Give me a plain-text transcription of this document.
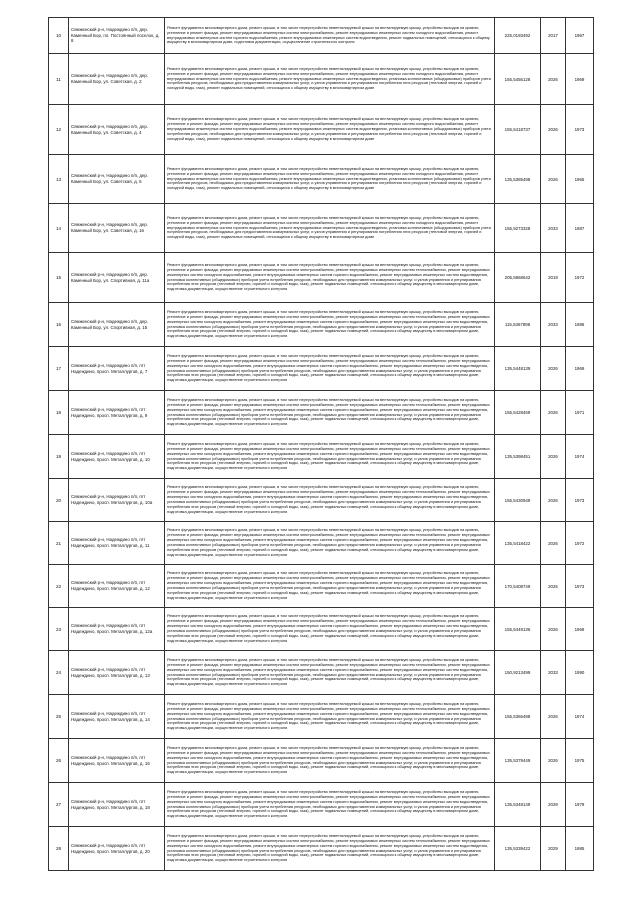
10	Сямженский р-н, Надеждино п/п, дер. Каменный Бор, пл. Постоянный поселок, д. 8	Ремонт фундамента многоквартирного дома, ремонт крыши, в том числе переустройство невентилируемой крыши на вентилируемую крышу, устройство выходов на кровлю, утепление и ремонт фасада, ремонт внутридомовых инженерных систем электроснабжения, ремонт внутридомовых инженерных систем холодного водоснабжения, ремонт внутридомовых инженерных систем горячего водоснабжения, ремонт внутридомовых инженерных систем водоотведения, ремонт подвальных помещений, относящихся к общему имуществу в многоквартирном доме, подготовка документации, осуществление строительного контроля	225,0193492	2017	1967
11	Сямженский р-н, Надеждино п/п, дер. Каменный Бор, ул. Советская, д. 2	Ремонт фундамента многоквартирного дома, ремонт крыши, в том числе переустройство невентилируемой крыши на вентилируемую крышу, устройство выходов на кровлю, утепление и ремонт фасада, ремонт внутридомовых инженерных систем электроснабжения, ремонт внутридомовых инженерных систем холодного водоснабжения, ремонт внутридомовых инженерных систем горячего водоснабжения, ремонт внутридомовых инженерных систем водоотведения, установка коллективных (общедомовых) приборов учета потребления ресурсов, необходимых для предоставления коммунальных услуг, и узлов управления и регулирования потребления этих ресурсов (тепловой энергии, горячей и холодной воды, газа), ремонт подвальных помещений, относящихся к общему имуществу в многоквартирном доме	155,5456128	2026	1969
12	Сямженский р-н, Надеждино п/п, дер. Каменный Бор, ул. Советская, д. 4	Ремонт фундамента многоквартирного дома, ремонт крыши, в том числе переустройство невентилируемой крыши на вентилируемую крышу, устройство выходов на кровлю, утепление и ремонт фасада, ремонт внутридомовых инженерных систем электроснабжения, ремонт внутридомовых инженерных систем холодного водоснабжения, ремонт внутридомовых инженерных систем горячего водоснабжения, ремонт внутридомовых инженерных систем водоотведения, установка коллективных (общедомовых) приборов учета потребления ресурсов, необходимых для предоставления коммунальных услуг, и узлов управления и регулирования потребления этих ресурсов (тепловой энергии, горячей и холодной воды, газа), ремонт подвальных помещений, относящихся к общему имуществу в многоквартирном доме	155,5418737	2026	1973
13	Сямженский р-н, Надеждино п/п, дер. Каменный Бор, ул. Советская, д. 6	Ремонт фундамента многоквартирного дома, ремонт крыши, в том числе переустройство невентилируемой крыши на вентилируемую крышу, устройство выходов на кровлю, утепление и ремонт фасада, ремонт внутридомовых инженерных систем электроснабжения, ремонт внутридомовых инженерных систем холодного водоснабжения, ремонт внутридомовых инженерных систем горячего водоснабжения, ремонт внутридомовых инженерных систем водоотведения, установка коллективных (общедомовых) приборов учета потребления ресурсов, необходимых для предоставления коммунальных услуг, и узлов управления и регулирования потребления этих ресурсов (тепловой энергии, горячей и холодной воды, газа), ремонт подвальных помещений, относящихся к общему имуществу в многоквартирном доме	135,5385498	2026	1965
14	Сямженский р-н, Надеждино п/п, дер. Каменный Бор, ул. Советская, д. 16	Ремонт фундамента многоквартирного дома, ремонт крыши, в том числе переустройство невентилируемой крыши на вентилируемую крышу, устройство выходов на кровлю, утепление и ремонт фасада, ремонт внутридомовых инженерных систем электроснабжения, ремонт внутридомовых инженерных систем холодного водоснабжения, ремонт внутридомовых инженерных систем горячего водоснабжения, ремонт внутридомовых инженерных систем водоотведения, установка коллективных (общедомовых) приборов учета потребления ресурсов, необходимых для предоставления коммунальных услуг, и узлов управления и регулирования потребления этих ресурсов (тепловой энергии, горячей и холодной воды, газа), ремонт подвальных помещений, относящихся к общему имуществу в многоквартирном доме	155,9273328	2033	1987
15	Сямженский р-н, Надеждино п/п, дер. Каменный Бор, ул. Спортивная, д. 11а	Ремонт фундамента многоквартирного дома, ремонт крыши, в том числе переустройство невентилируемой крыши на вентилируемую крышу, устройство выходов на кровлю, утепление и ремонт фасада, ремонт внутридомовых инженерных систем электроснабжения, ремонт внутридомовых инженерных систем теплоснабжения, ремонт внутридомовых инженерных систем холодного водоснабжения, ремонт внутридомовых инженерных систем горячего водоснабжения, ремонт внутридомовых инженерных систем водоотведения, установка коллективных (общедомовых) приборов учета потребления ресурсов, необходимых для предоставления коммунальных услуг, и узлов управления и регулирования потребления этих ресурсов (тепловой энергии, горячей и холодной воды, газа), ремонт подвальных помещений, относящихся к общему имуществу в многоквартирном доме, подготовка документации, осуществление строительного контроля	205,5868642	2019	1972
16	Сямженский р-н, Надеждино п/п, дер. Каменный Бор, ул. Спортивная, д. 15	Ремонт фундамента многоквартирного дома, ремонт крыши, в том числе переустройство невентилируемой крыши на вентилируемую крышу, устройство выходов на кровлю, утепление и ремонт фасада, ремонт внутридомовых инженерных систем электроснабжения, ремонт внутридомовых инженерных систем теплоснабжения, ремонт внутридомовых инженерных систем холодного водоснабжения, ремонт внутридомовых инженерных систем горячего водоснабжения, ремонт внутридомовых инженерных систем водоотведения, установка коллективных (общедомовых) приборов учета потребления ресурсов, необходимых для предоставления коммунальных услуг, и узлов управления и регулирования потребления этих ресурсов (тепловой энергии, горячей и холодной воды, газа), ремонт подвальных помещений, относящихся к общему имуществу в многоквартирном доме, подготовка документации, осуществление строительного контроля	115,5367896	2033	1986
17	Сямженский р-н, Надеждино п/п, пгт Надеждино, просп. Металлургов, д. 7	Ремонт фундамента многоквартирного дома, ремонт крыши, в том числе переустройство невентилируемой крыши на вентилируемую крышу, устройство выходов на кровлю, утепление и ремонт фасада, ремонт внутридомовых инженерных систем электроснабжения, ремонт внутридомовых инженерных систем теплоснабжения, ремонт внутридомовых инженерных систем холодного водоснабжения, ремонт внутридомовых инженерных систем горячего водоснабжения, ремонт внутридомовых инженерных систем водоотведения, установка коллективных (общедомовых) приборов учета потребления ресурсов, необходимых для предоставления коммунальных услуг, и узлов управления и регулирования потребления этих ресурсов (тепловой энергии, горячей и холодной воды, газа), ремонт подвальных помещений, относящихся к общему имуществу в многоквартирном доме, подготовка документации, осуществление строительного контроля	135,5448139	2026	1969
18	Сямженский р-н, Надеждино п/п, пгт Надеждино, просп. Металлургов, д. 9	Ремонт фундамента многоквартирного дома, ремонт крыши, в том числе переустройство невентилируемой крыши на вентилируемую крышу, устройство выходов на кровлю, утепление и ремонт фасада, ремонт внутридомовых инженерных систем электроснабжения, ремонт внутридомовых инженерных систем теплоснабжения, ремонт внутридомовых инженерных систем холодного водоснабжения, ремонт внутридомовых инженерных систем горячего водоснабжения, ремонт внутридомовых инженерных систем водоотведения, установка коллективных (общедомовых) приборов учета потребления ресурсов, необходимых для предоставления коммунальных услуг, и узлов управления и регулирования потребления этих ресурсов (тепловой энергии, горячей и холодной воды, газа), ремонт подвальных помещений, относящихся к общему имуществу в многоквартирном доме, подготовка документации, осуществление строительного контроля	155,5428469	2026	1971
19	Сямженский р-н, Надеждино п/п, пгт Надеждино, просп. Металлургов, д. 10	Ремонт фундамента многоквартирного дома, ремонт крыши, в том числе переустройство невентилируемой крыши на вентилируемую крышу, устройство выходов на кровлю, утепление и ремонт фасада, ремонт внутридомовых инженерных систем электроснабжения, ремонт внутридомовых инженерных систем теплоснабжения, ремонт внутридомовых инженерных систем холодного водоснабжения, ремонт внутридомовых инженерных систем горячего водоснабжения, ремонт внутридомовых инженерных систем водоотведения, установка коллективных (общедомовых) приборов учета потребления ресурсов, необходимых для предоставления коммунальных услуг, и узлов управления и регулирования потребления этих ресурсов (тепловой энергии, горячей и холодной воды, газа), ремонт подвальных помещений, относящихся к общему имуществу в многоквартирном доме, подготовка документации, осуществление строительного контроля	135,5398451	2026	1974
20	Сямженский р-н, Надеждино п/п, пгт Надеждино, просп. Металлургов, д. 10а	Ремонт фундамента многоквартирного дома, ремонт крыши, в том числе переустройство невентилируемой крыши на вентилируемую крышу, устройство выходов на кровлю, утепление и ремонт фасада, ремонт внутридомовых инженерных систем электроснабжения, ремонт внутридомовых инженерных систем теплоснабжения, ремонт внутридомовых инженерных систем холодного водоснабжения, ремонт внутридомовых инженерных систем горячего водоснабжения, ремонт внутридомовых инженерных систем водоотведения, установка коллективных (общедомовых) приборов учета потребления ресурсов, необходимых для предоставления коммунальных услуг, и узлов управления и регулирования потребления этих ресурсов (тепловой энергии, горячей и холодной воды, газа), ремонт подвальных помещений, относящихся к общему имуществу в многоквартирном доме, подготовка документации, осуществление строительного контроля	155,5430949	2026	1973
21	Сямженский р-н, Надеждино п/п, пгт Надеждино, просп. Металлургов, д. 11	Ремонт фундамента многоквартирного дома, ремонт крыши, в том числе переустройство невентилируемой крыши на вентилируемую крышу, устройство выходов на кровлю, утепление и ремонт фасада, ремонт внутридомовых инженерных систем электроснабжения, ремонт внутридомовых инженерных систем теплоснабжения, ремонт внутридомовых инженерных систем холодного водоснабжения, ремонт внутридомовых инженерных систем горячего водоснабжения, ремонт внутридомовых инженерных систем водоотведения, установка коллективных (общедомовых) приборов учета потребления ресурсов, необходимых для предоставления коммунальных услуг, и узлов управления и регулирования потребления этих ресурсов (тепловой энергии, горячей и холодной воды, газа), ремонт подвальных помещений, относящихся к общему имуществу в многоквартирном доме, подготовка документации, осуществление строительного контроля	135,5418422	2026	1972
22	Сямженский р-н, Надеждино п/п, пгт Надеждино, просп. Металлургов, д. 12	Ремонт фундамента многоквартирного дома, ремонт крыши, в том числе переустройство невентилируемой крыши на вентилируемую крышу, устройство выходов на кровлю, утепление и ремонт фасада, ремонт внутридомовых инженерных систем электроснабжения, ремонт внутридомовых инженерных систем теплоснабжения, ремонт внутридомовых инженерных систем холодного водоснабжения, ремонт внутридомовых инженерных систем горячего водоснабжения, ремонт внутридомовых инженерных систем водоотведения, установка коллективных (общедомовых) приборов учета потребления ресурсов, необходимых для предоставления коммунальных услуг, и узлов управления и регулирования потребления этих ресурсов (тепловой энергии, горячей и холодной воды, газа), ремонт подвальных помещений, относящихся к общему имуществу в многоквартирном доме, подготовка документации, осуществление строительного контроля	170,5408749	2025	1973
23	Сямженский р-н, Надеждино п/п, пгт Надеждино, просп. Металлургов, д. 12а	Ремонт фундамента многоквартирного дома, ремонт крыши, в том числе переустройство невентилируемой крыши на вентилируемую крышу, устройство выходов на кровлю, утепление и ремонт фасада, ремонт внутридомовых инженерных систем электроснабжения, ремонт внутридомовых инженерных систем теплоснабжения, ремонт внутридомовых инженерных систем холодного водоснабжения, ремонт внутридомовых инженерных систем горячего водоснабжения, ремонт внутридомовых инженерных систем водоотведения, установка коллективных (общедомовых) приборов учета потребления ресурсов, необходимых для предоставления коммунальных услуг, и узлов управления и регулирования потребления этих ресурсов (тепловой энергии, горячей и холодной воды, газа), ремонт подвальных помещений, относящихся к общему имуществу в многоквартирном доме, подготовка документации, осуществление строительного контроля	155,5449136	2026	1969
24	Сямженский р-н, Надеждино п/п, пгт Надеждино, просп. Металлургов, д. 13	Ремонт фундамента многоквартирного дома, ремонт крыши, в том числе переустройство невентилируемой крыши на вентилируемую крышу, устройство выходов на кровлю, утепление и ремонт фасада, ремонт внутридомовых инженерных систем электроснабжения, ремонт внутридомовых инженерных систем теплоснабжения, ремонт внутридомовых инженерных систем холодного водоснабжения, ремонт внутридомовых инженерных систем горячего водоснабжения, ремонт внутридомовых инженерных систем водоотведения, установка коллективных (общедомовых) приборов учета потребления ресурсов, необходимых для предоставления коммунальных услуг, и узлов управления и регулирования потребления этих ресурсов (тепловой энергии, горячей и холодной воды, газа), ремонт подвальных помещений, относящихся к общему имуществу в многоквартирном доме, подготовка документации, осуществление строительного контроля	150,9213499	2033	1990
25	Сямженский р-н, Надеждино п/п, пгт Надеждино, просп. Металлургов, д. 14	Ремонт фундамента многоквартирного дома, ремонт крыши, в том числе переустройство невентилируемой крыши на вентилируемую крышу, устройство выходов на кровлю, утепление и ремонт фасада, ремонт внутридомовых инженерных систем электроснабжения, ремонт внутридомовых инженерных систем теплоснабжения, ремонт внутридомовых инженерных систем холодного водоснабжения, ремонт внутридомовых инженерных систем горячего водоснабжения, ремонт внутридомовых инженерных систем водоотведения, установка коллективных (общедомовых) приборов учета потребления ресурсов, необходимых для предоставления коммунальных услуг, и узлов управления и регулирования потребления этих ресурсов (тепловой энергии, горячей и холодной воды, газа), ремонт подвальных помещений, относящихся к общему имуществу в многоквартирном доме, подготовка документации, осуществление строительного контроля	155,5366498	2026	1974
26	Сямженский р-н, Надеждино п/п, пгт Надеждино, просп. Металлургов, д. 16	Ремонт фундамента многоквартирного дома, ремонт крыши, в том числе переустройство невентилируемой крыши на вентилируемую крышу, устройство выходов на кровлю, утепление и ремонт фасада, ремонт внутридомовых инженерных систем электроснабжения, ремонт внутридомовых инженерных систем теплоснабжения, ремонт внутридомовых инженерных систем холодного водоснабжения, ремонт внутридомовых инженерных систем горячего водоснабжения, ремонт внутридомовых инженерных систем водоотведения, установка коллективных (общедомовых) приборов учета потребления ресурсов, необходимых для предоставления коммунальных услуг, и узлов управления и регулирования потребления этих ресурсов (тепловой энергии, горячей и холодной воды, газа), ремонт подвальных помещений, относящихся к общему имуществу в многоквартирном доме, подготовка документации, осуществление строительного контроля	135,5379449	2026	1975
27	Сямженский р-н, Надеждино п/п, пгт Надеждино, просп. Металлургов, д. 18	Ремонт фундамента многоквартирного дома, ремонт крыши, в том числе переустройство невентилируемой крыши на вентилируемую крышу, устройство выходов на кровлю, утепление и ремонт фасада, ремонт внутридомовых инженерных систем электроснабжения, ремонт внутридомовых инженерных систем теплоснабжения, ремонт внутридомовых инженерных систем холодного водоснабжения, ремонт внутридомовых инженерных систем горячего водоснабжения, ремонт внутридомовых инженерных систем водоотведения, установка коллективных (общедомовых) приборов учета потребления ресурсов, необходимых для предоставления коммунальных услуг, и узлов управления и регулирования потребления этих ресурсов (тепловой энергии, горячей и холодной воды, газа), ремонт подвальных помещений, относящихся к общему имуществу в многоквартирном доме, подготовка документации, осуществление строительного контроля	135,5348149	2029	1979
28	Сямженский р-н, Надеждино п/п, пгт Надеждино, просп. Металлургов, д. 20	Ремонт фундамента многоквартирного дома, ремонт крыши, в том числе переустройство невентилируемой крыши на вентилируемую крышу, устройство выходов на кровлю, утепление и ремонт фасада, ремонт внутридомовых инженерных систем электроснабжения, ремонт внутридомовых инженерных систем теплоснабжения, ремонт внутридомовых инженерных систем холодного водоснабжения, ремонт внутридомовых инженерных систем горячего водоснабжения, ремонт внутридомовых инженерных систем водоотведения, установка коллективных (общедомовых) приборов учета потребления ресурсов, необходимых для предоставления коммунальных услуг, и узлов управления и регулирования потребления этих ресурсов (тепловой энергии, горячей и холодной воды, газа), ремонт подвальных помещений, относящихся к общему имуществу в многоквартирном доме, подготовка документации, осуществление строительного контроля	135,5339422	2029	1985
